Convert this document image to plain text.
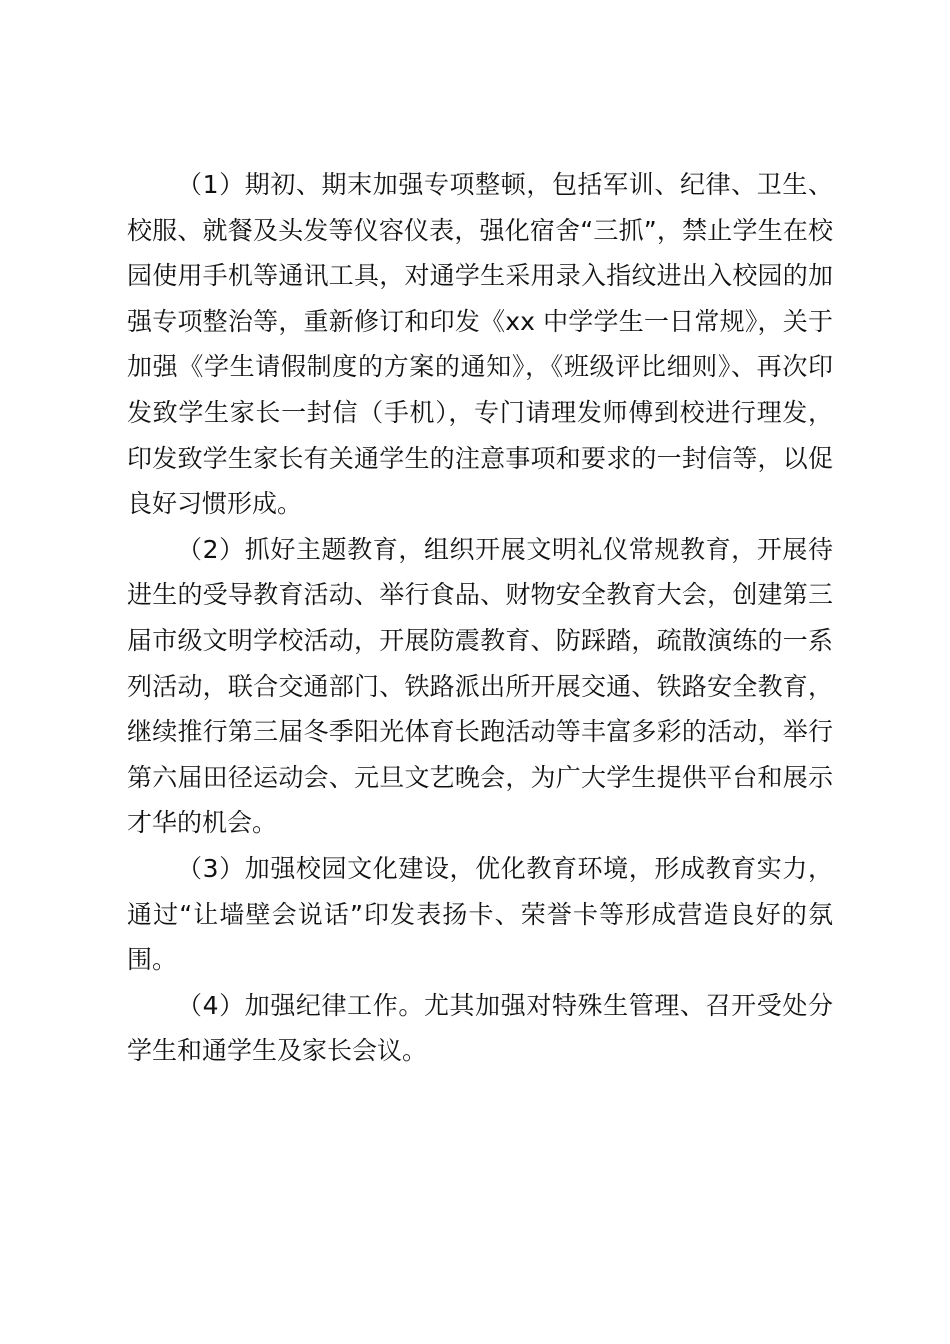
（1）期初、期末加强专项整顿，包括军训、纪律、卫生、校服、就餐及头发等仪容仪表，强化宿舍“三抓”，禁止学生在校园使用手机等通讯工具，对通学生采用录入指纹进出入校园的加强专项整治等，重新修订和印发《xx 中学学生一日常规》，关于加强《学生请假制度的方案的通知》，《班级评比细则》、再次印发致学生家长一封信（手机），专门请理发师傅到校进行理发，印发致学生家长有关通学生的注意事项和要求的一封信等，以促良好习惯形成。

（2）抓好主题教育，组织开展文明礼仪常规教育，开展待进生的受导教育活动、举行食品、财物安全教育大会，创建第三届市级文明学校活动，开展防震教育、防踩踏，疏散演练的一系列活动，联合交通部门、铁路派出所开展交通、铁路安全教育，继续推行第三届冬季阳光体育长跑活动等丰富多彩的活动，举行第六届田径运动会、元旦文艺晚会，为广大学生提供平台和展示才华的机会。

（3）加强校园文化建设，优化教育环境，形成教育实力，通过“让墙壁会说话”印发表扬卡、荣誉卡等形成营造良好的氛围。

（4）加强纪律工作。尤其加强对特殊生管理、召开受处分学生和通学生及家长会议。
